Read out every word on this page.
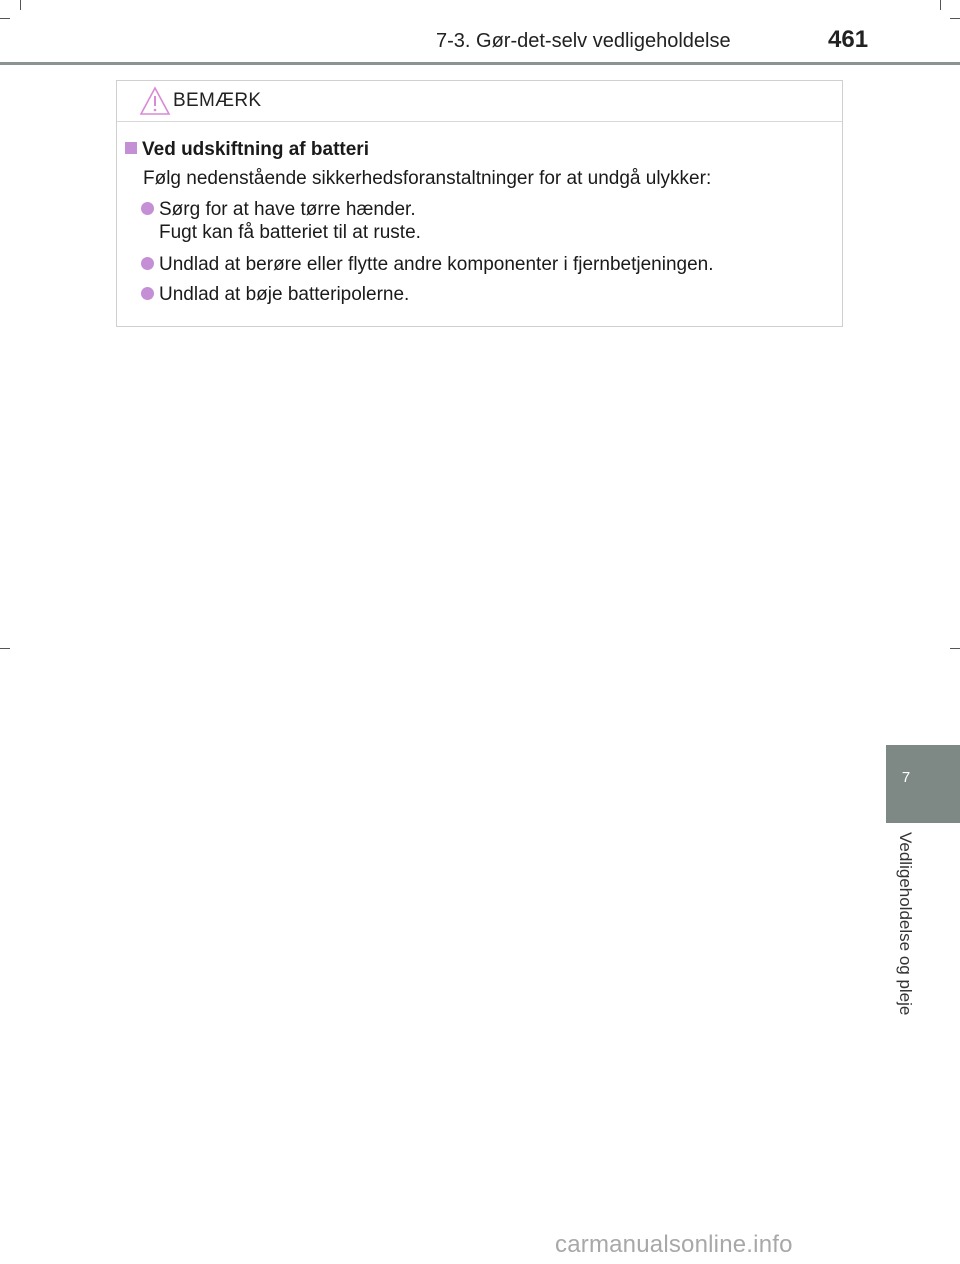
7-3. Gør-det-selv vedligeholdelse	461
BEMÆRK
Ved udskiftning af batteri
Følg nedenstående sikkerhedsforanstaltninger for at undgå ulykker:
Sørg for at have tørre hænder.
Fugt kan få batteriet til at ruste.
Undlad at berøre eller flytte andre komponenter i fjernbetjeningen.
Undlad at bøje batteripolerne.
7
Vedligeholdelse og pleje
carmanualsonline.info
